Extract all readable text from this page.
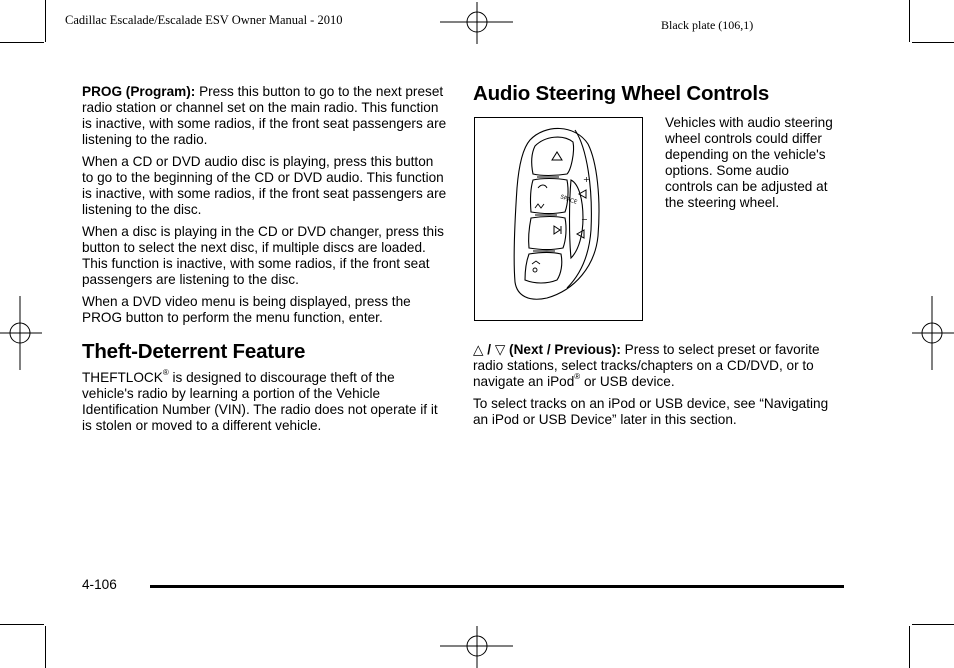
Cadillac Escalade/Escalade ESV Owner Manual - 2010	Black plate (106,1)

PROG (Program): Press this button to go to the next preset radio station or channel set on the main radio. This function is inactive, with some radios, if the front seat passengers are listening to the radio.

When a CD or DVD audio disc is playing, press this button to go to the beginning of the CD or DVD audio. This function is inactive, with some radios, if the front seat passengers are listening to the disc.

When a disc is playing in the CD or DVD changer, press this button to select the next disc, if multiple discs are loaded. This function is inactive, with some radios, if the front seat passengers are listening to the disc.

When a DVD video menu is being displayed, press the PROG button to perform the menu function, enter.

Theft-Deterrent Feature

THEFTLOCK® is designed to discourage theft of the vehicle's radio by learning a portion of the Vehicle Identification Number (VIN). The radio does not operate if it is stolen or moved to a different vehicle.

Audio Steering Wheel Controls
+
−
SPACE

Vehicles with audio steering wheel controls could differ depending on the vehicle's options. Some audio controls can be adjusted at the steering wheel.

△ / ▽ (Next / Previous): Press to select preset or favorite radio stations, select tracks/chapters on a CD/DVD, or to navigate an iPod® or USB device.

To select tracks on an iPod or USB device, see “Navigating an iPod or USB Device” later in this section.

4-106
